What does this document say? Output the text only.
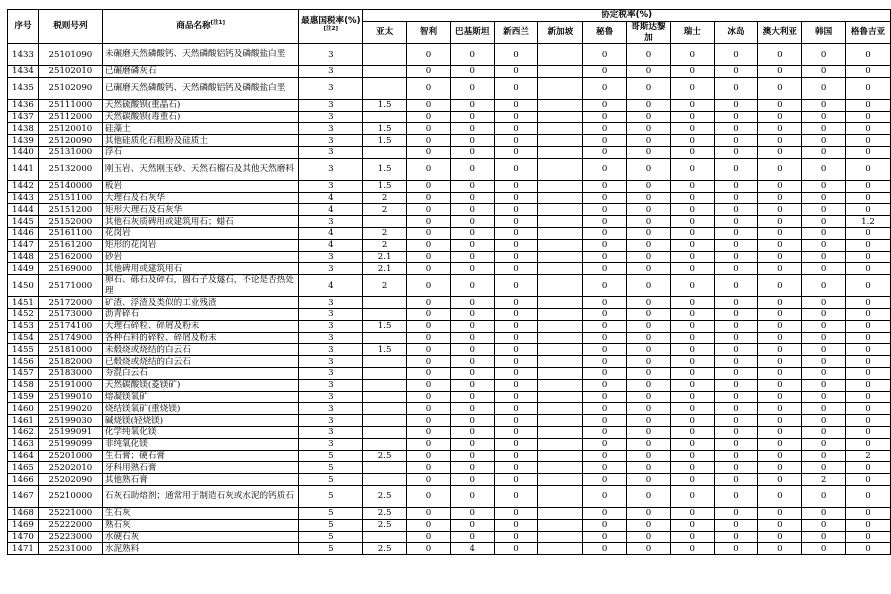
序号	税则号列	商品名称[注1]	最惠国税率(%)[注2]	协定税率(%)											
				亚太	智利	巴基斯坦	新西兰	新加坡	秘鲁	哥斯达黎加	瑞士	冰岛	澳大利亚	韩国	格鲁吉亚
1433	25101090	未碾磨天然磷酸钙、天然磷酸铝钙及磷酸盐白垩	3		0	0	0		0	0	0	0	0	0	0
1434	25102010	已碾磨磷灰石	3		0	0	0		0	0	0	0	0	0	0
1435	25102090	已碾磨天然磷酸钙、天然磷酸铝钙及磷酸盐白垩	3		0	0	0		0	0	0	0	0	0	0
1436	25111000	天然硫酸钡(重晶石)	3	1.5	0	0	0		0	0	0	0	0	0	0
1437	25112000	天然碳酸钡(毒重石)	3		0	0	0		0	0	0	0	0	0	0
1438	25120010	硅藻土	3	1.5	0	0	0		0	0	0	0	0	0	0
1439	25120090	其他硅质化石粗粉及硅质土	3	1.5	0	0	0		0	0	0	0	0	0	0
1440	25131000	浮石	3		0	0	0		0	0	0	0	0	0	0
1441	25132000	刚玉岩、天然刚玉砂、天然石榴石及其他天然磨料	3	1.5	0	0	0		0	0	0	0	0	0	0
1442	25140000	板岩	3	1.5	0	0	0		0	0	0	0	0	0	0
1443	25151100	大理石及石灰华	4	2	0	0	0		0	0	0	0	0	0	0
1444	25151200	矩形大理石及石灰华	4	2	0	0	0		0	0	0	0	0	0	0
1445	25152000	其他石灰质碑用或建筑用石；蜡石	3		0	0	0		0	0	0	0	0	0	1.2
1446	25161100	花岗岩	4	2	0	0	0		0	0	0	0	0	0	0
1447	25161200	矩形的花岗岩	4	2	0	0	0		0	0	0	0	0	0	0
1448	25162000	砂岩	3	2.1	0	0	0		0	0	0	0	0	0	0
1449	25169000	其他碑用或建筑用石	3	2.1	0	0	0		0	0	0	0	0	0	0
1450	25171000	卵石、砾石及碎石，圆石子及燧石，不论是否热处理	4	2	0	0	0		0	0	0	0	0	0	0
1451	25172000	矿渣、浮渣及类似的工业残渣	3		0	0	0		0	0	0	0	0	0	0
1452	25173000	沥青碎石	3		0	0	0		0	0	0	0	0	0	0
1453	25174100	大理石碎粒、碎屑及粉末	3	1.5	0	0	0		0	0	0	0	0	0	0
1454	25174900	各种石料的碎粒、碎屑及粉末	3		0	0	0		0	0	0	0	0	0	0
1455	25181000	未煅烧或烧结的白云石	3	1.5	0	0	0		0	0	0	0	0	0	0
1456	25182000	已煅烧或烧结的白云石	3		0	0	0		0	0	0	0	0	0	0
1457	25183000	夯混白云石	3		0	0	0		0	0	0	0	0	0	0
1458	25191000	天然碳酸镁(菱镁矿)	3		0	0	0		0	0	0	0	0	0	0
1459	25199010	熔凝镁氧矿	3		0	0	0		0	0	0	0	0	0	0
1460	25199020	烧结镁氧矿(重烧镁)	3		0	0	0		0	0	0	0	0	0	0
1461	25199030	碱烧镁(轻烧镁)	3		0	0	0		0	0	0	0	0	0	0
1462	25199091	化学纯氧化镁	3		0	0	0		0	0	0	0	0	0	0
1463	25199099	非纯氧化镁	3		0	0	0		0	0	0	0	0	0	0
1464	25201000	生石膏；硬石膏	5	2.5	0	0	0		0	0	0	0	0	0	2
1465	25202010	牙科用熟石膏	5		0	0	0		0	0	0	0	0	0	0
1466	25202090	其他熟石膏	5		0	0	0		0	0	0	0	0	2	0
1467	25210000	石灰石助熔剂；通常用于制造石灰或水泥的钙质石	5	2.5	0	0	0		0	0	0	0	0	0	0
1468	25221000	生石灰	5	2.5	0	0	0		0	0	0	0	0	0	0
1469	25222000	熟石灰	5	2.5	0	0	0		0	0	0	0	0	0	0
1470	25223000	水硬石灰	5		0	0	0		0	0	0	0	0	0	0
1471	25231000	水泥熟料	5	2.5	0	4	0		0	0	0	0	0	0	0
